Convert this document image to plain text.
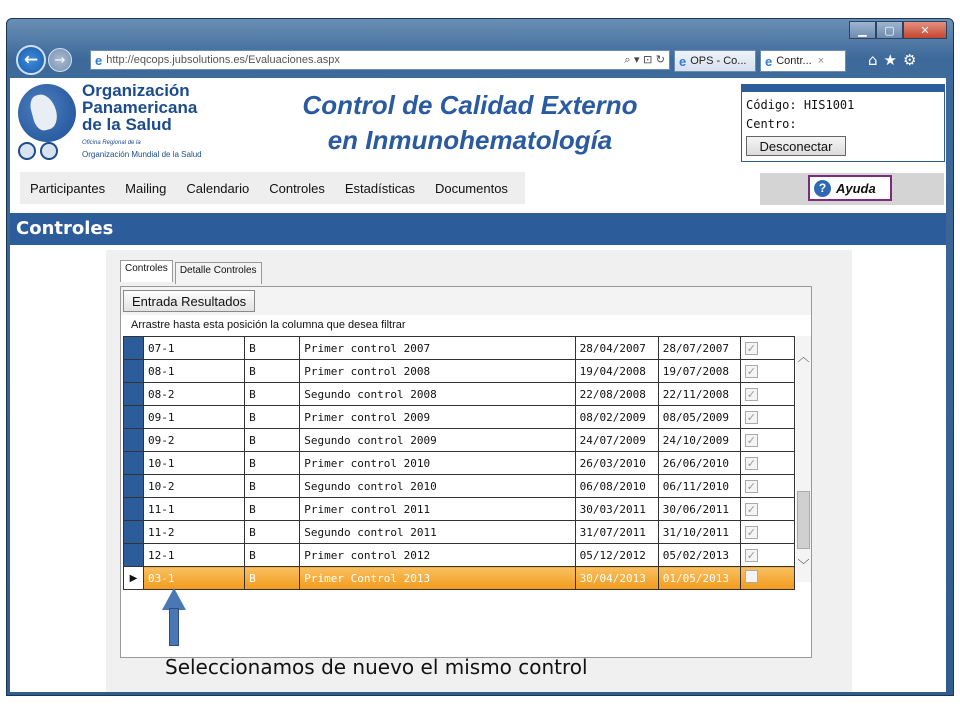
▁	▢	✕
← → e http://eqcops.jubsolutions.es/Evaluaciones.aspx	⌕ ▾ ⊡ ↻ e OPS - Co... e Contr... ×	⌂★⚙
Organización
Panamericana
de la Salud
Oficina Regional de la
Organización Mundial de la Salud
Control de Calidad Externo
en Inmunohematología
Código: HIS1001
Centro:
Desconectar
Participantes Mailing Calendario Controles Estadísticas Documentos	? Ayuda
Controles
Controles	Detalle Controles
Entrada Resultados
Arrastre hasta esta posición la columna que desea filtrar
	07-1	B	Primer control 2007	28/04/2007	28/07/2007	✓
	08-1	B	Primer control 2008	19/04/2008	19/07/2008	✓
	08-2	B	Segundo control 2008	22/08/2008	22/11/2008	✓
	09-1	B	Primer control 2009	08/02/2009	08/05/2009	✓
	09-2	B	Segundo control 2009	24/07/2009	24/10/2009	✓
	10-1	B	Primer control 2010	26/03/2010	26/06/2010	✓
	10-2	B	Segundo control 2010	06/08/2010	06/11/2010	✓
	11-1	B	Primer control 2011	30/03/2011	30/06/2011	✓
	11-2	B	Segundo control 2011	31/07/2011	31/10/2011	✓
	12-1	B	Primer control 2012	05/12/2012	05/02/2013	✓
▶	03-1	B	Primer Control 2013	30/04/2013	01/05/2013	
︿
﹀
Seleccionamos de nuevo el mismo control
